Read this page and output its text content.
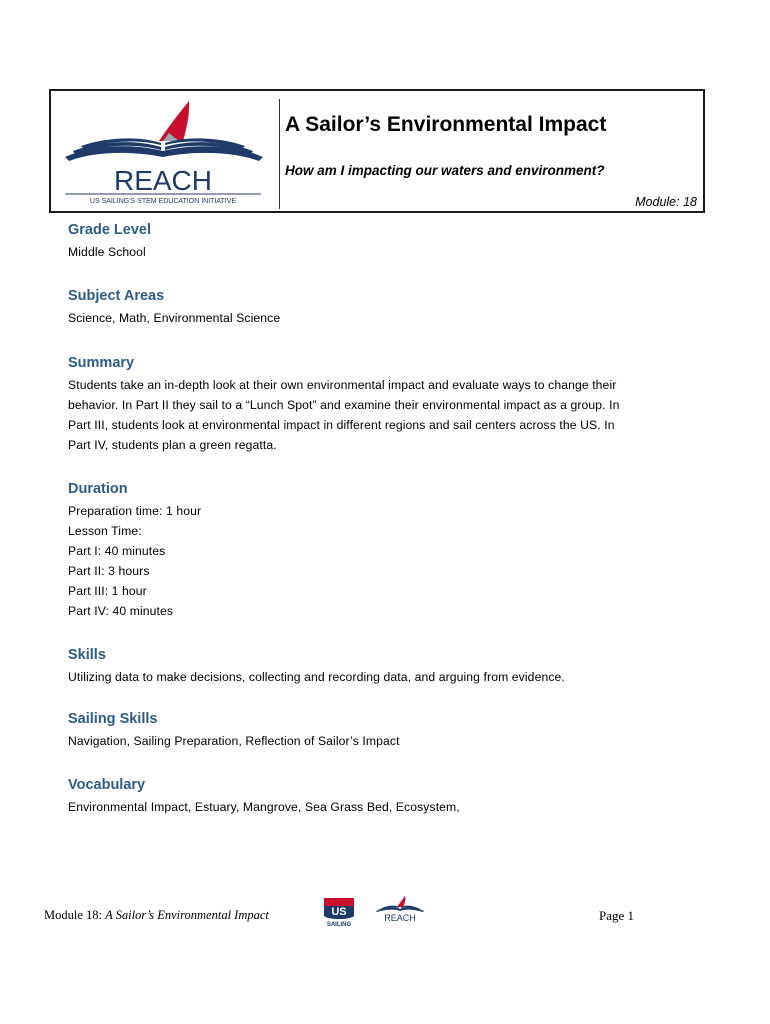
REACH
US SAILING'S STEM EDUCATION INITIATIVE
A Sailor’s Environmental Impact
How am I impacting our waters and environment?
Module: 18
Grade Level

Middle School

Subject Areas

Science, Math, Environmental Science

Summary

Students take an in-depth look at their own environmental impact and evaluate ways to change their

behavior. In Part II they sail to a “Lunch Spot” and examine their environmental impact as a group. In

Part III, students look at environmental impact in different regions and sail centers across the US. In

Part IV, students plan a green regatta.

Duration

Preparation time: 1 hour

Lesson Time:

Part I: 40 minutes

Part II: 3 hours

Part III: 1 hour

Part IV: 40 minutes

Skills

Utilizing data to make decisions, collecting and recording data, and arguing from evidence.

Sailing Skills

Navigation, Sailing Preparation, Reflection of Sailor’s Impact

Vocabulary

Environmental Impact, Estuary, Mangrove, Sea Grass Bed, Ecosystem,

Module 18: A Sailor’s Environmental Impact	US
SAILING
REACH	Page 1
